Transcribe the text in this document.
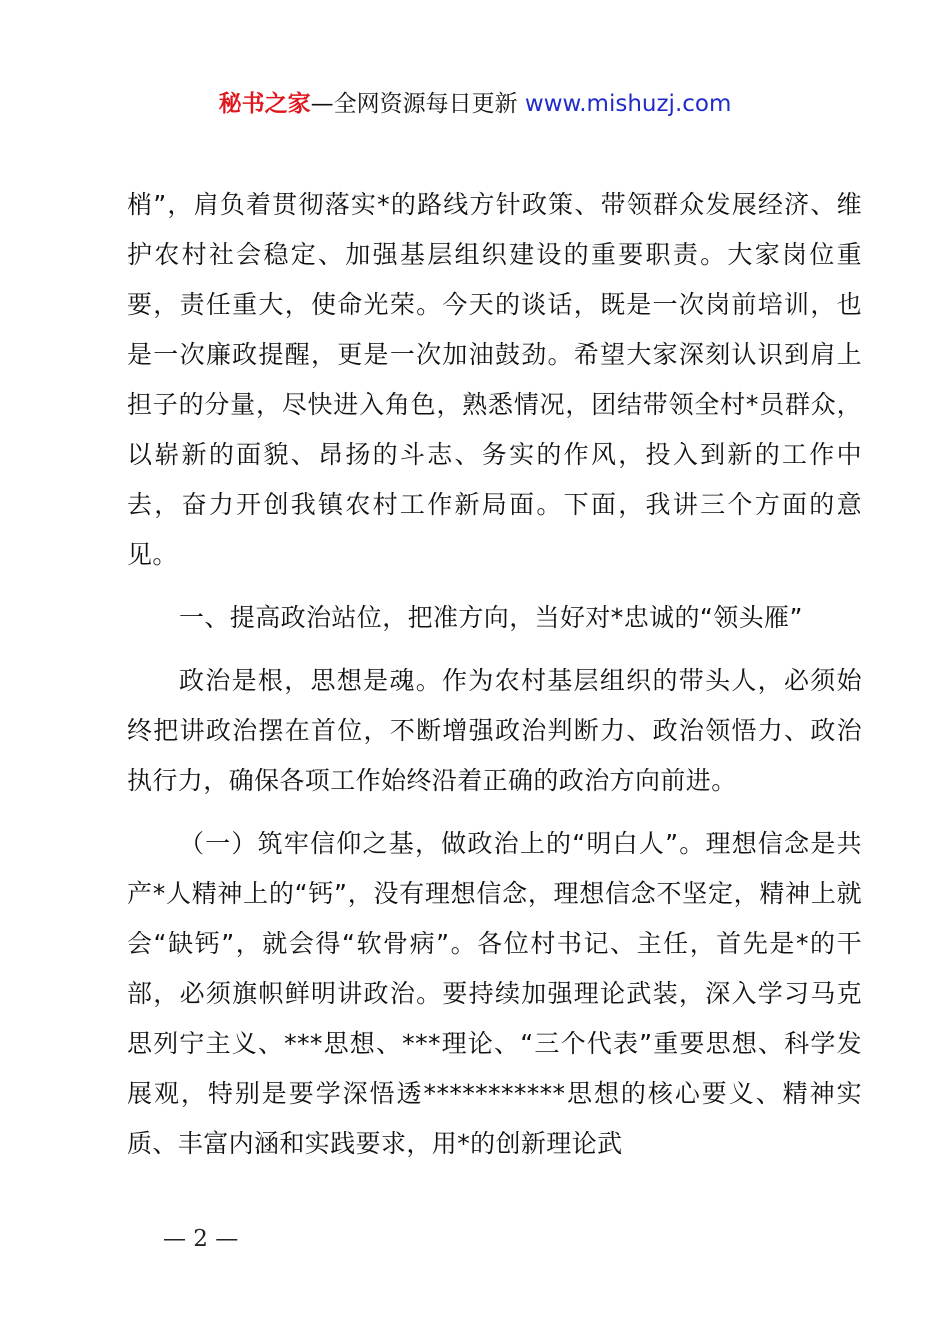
秘书之家—全网资源每日更新 www.mishuzj.com

梢”，肩负着贯彻落实*的路线方针政策、带领群众发展经济、维护农村社会稳定、加强基层组织建设的重要职责。大家岗位重要，责任重大，使命光荣。今天的谈话，既是一次岗前培训，也是一次廉政提醒，更是一次加油鼓劲。希望大家深刻认识到肩上担子的分量，尽快进入角色，熟悉情况，团结带领全村*员群众，以崭新的面貌、昂扬的斗志、务实的作风，投入到新的工作中去，奋力开创我镇农村工作新局面。下面，我讲三个方面的意见。

一、提高政治站位，把准方向，当好对*忠诚的“领头雁”

政治是根，思想是魂。作为农村基层组织的带头人，必须始终把讲政治摆在首位，不断增强政治判断力、政治领悟力、政治执行力，确保各项工作始终沿着正确的政治方向前进。

（一）筑牢信仰之基，做政治上的“明白人”。理想信念是共产*人精神上的“钙”，没有理想信念，理想信念不坚定，精神上就会“缺钙”，就会得“软骨病”。各位村书记、主任，首先是*的干部，必须旗帜鲜明讲政治。要持续加强理论武装，深入学习马克思列宁主义、***思想、***理论、“三个代表”重要思想、科学发展观，特别是要学深悟透***********思想的核心要义、精神实质、丰富内涵和实践要求，用*的创新理论武

— 2 —
